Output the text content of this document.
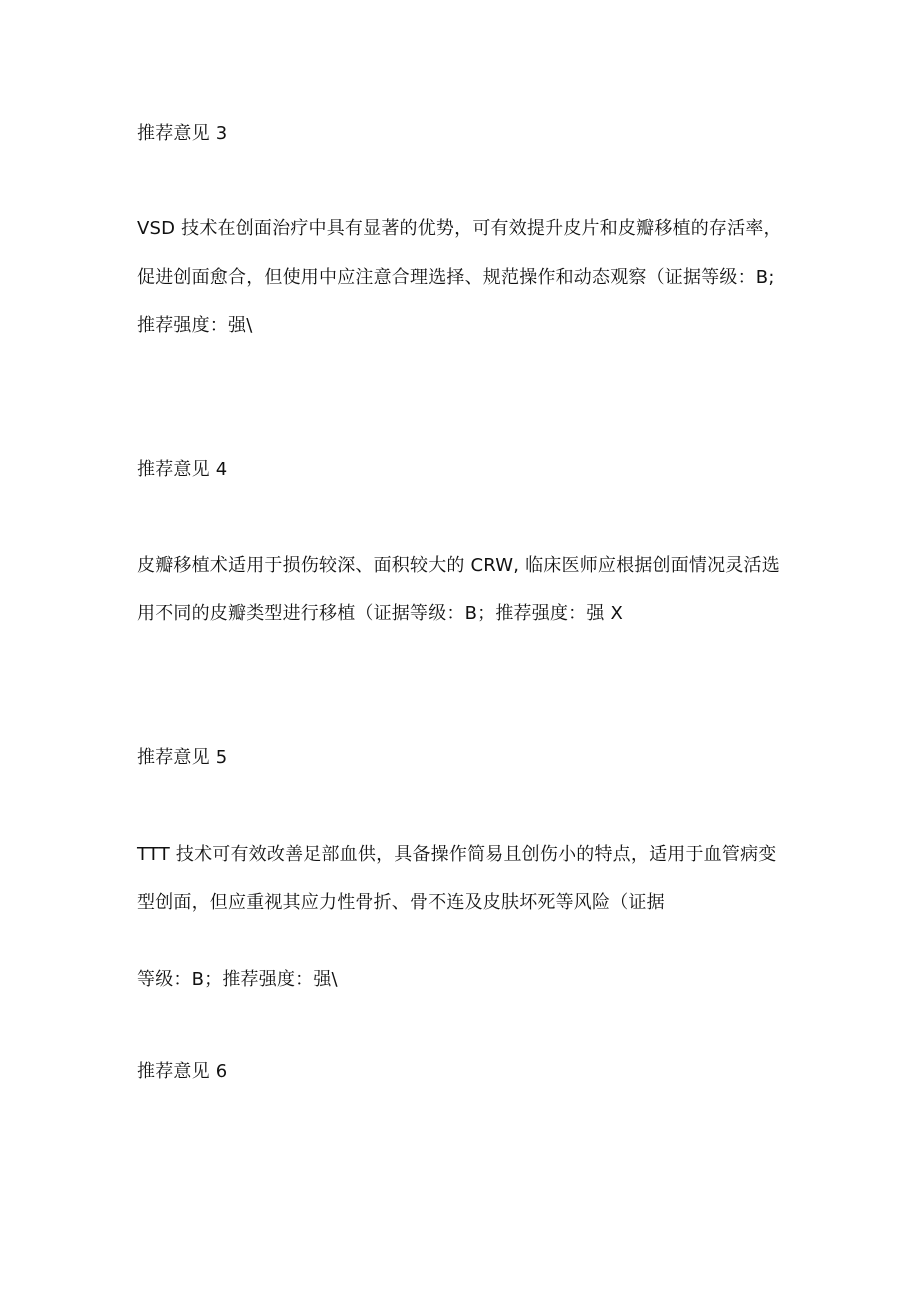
推荐意见 3
VSD 技术在创面治疗中具有显著的优势，可有效提升皮片和皮瓣移植的存活率，
促进创面愈合，但使用中应注意合理选择、规范操作和动态观察（证据等级：B;
推荐强度：强\
推荐意见 4
皮瓣移植术适用于损伤较深、面积较大的 CRW, 临床医师应根据创面情况灵活选
用不同的皮瓣类型进行移植（证据等级：B；推荐强度：强 X
推荐意见 5
TTT 技术可有效改善足部血供，具备操作简易且创伤小的特点，适用于血管病变
型创面，但应重视其应力性骨折、骨不连及皮肤坏死等风险（证据
等级：B；推荐强度：强\
推荐意见 6
